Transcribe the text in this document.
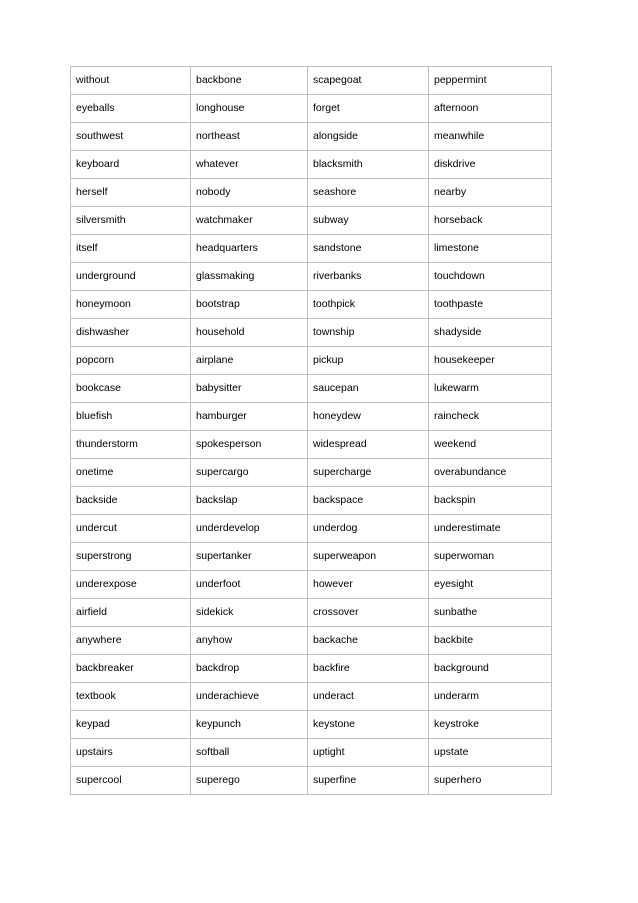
without	backbone	scapegoat	peppermint
eyeballs	longhouse	forget	afternoon
southwest	northeast	alongside	meanwhile
keyboard	whatever	blacksmith	diskdrive
herself	nobody	seashore	nearby
silversmith	watchmaker	subway	horseback
itself	headquarters	sandstone	limestone
underground	glassmaking	riverbanks	touchdown
honeymoon	bootstrap	toothpick	toothpaste
dishwasher	household	township	shadyside
popcorn	airplane	pickup	housekeeper
bookcase	babysitter	saucepan	lukewarm
bluefish	hamburger	honeydew	raincheck
thunderstorm	spokesperson	widespread	weekend
onetime	supercargo	supercharge	overabundance
backside	backslap	backspace	backspin
undercut	underdevelop	underdog	underestimate
superstrong	supertanker	superweapon	superwoman
underexpose	underfoot	however	eyesight
airfield	sidekick	crossover	sunbathe
anywhere	anyhow	backache	backbite
backbreaker	backdrop	backfire	background
textbook	underachieve	underact	underarm
keypad	keypunch	keystone	keystroke
upstairs	softball	uptight	upstate
supercool	superego	superfine	superhero
